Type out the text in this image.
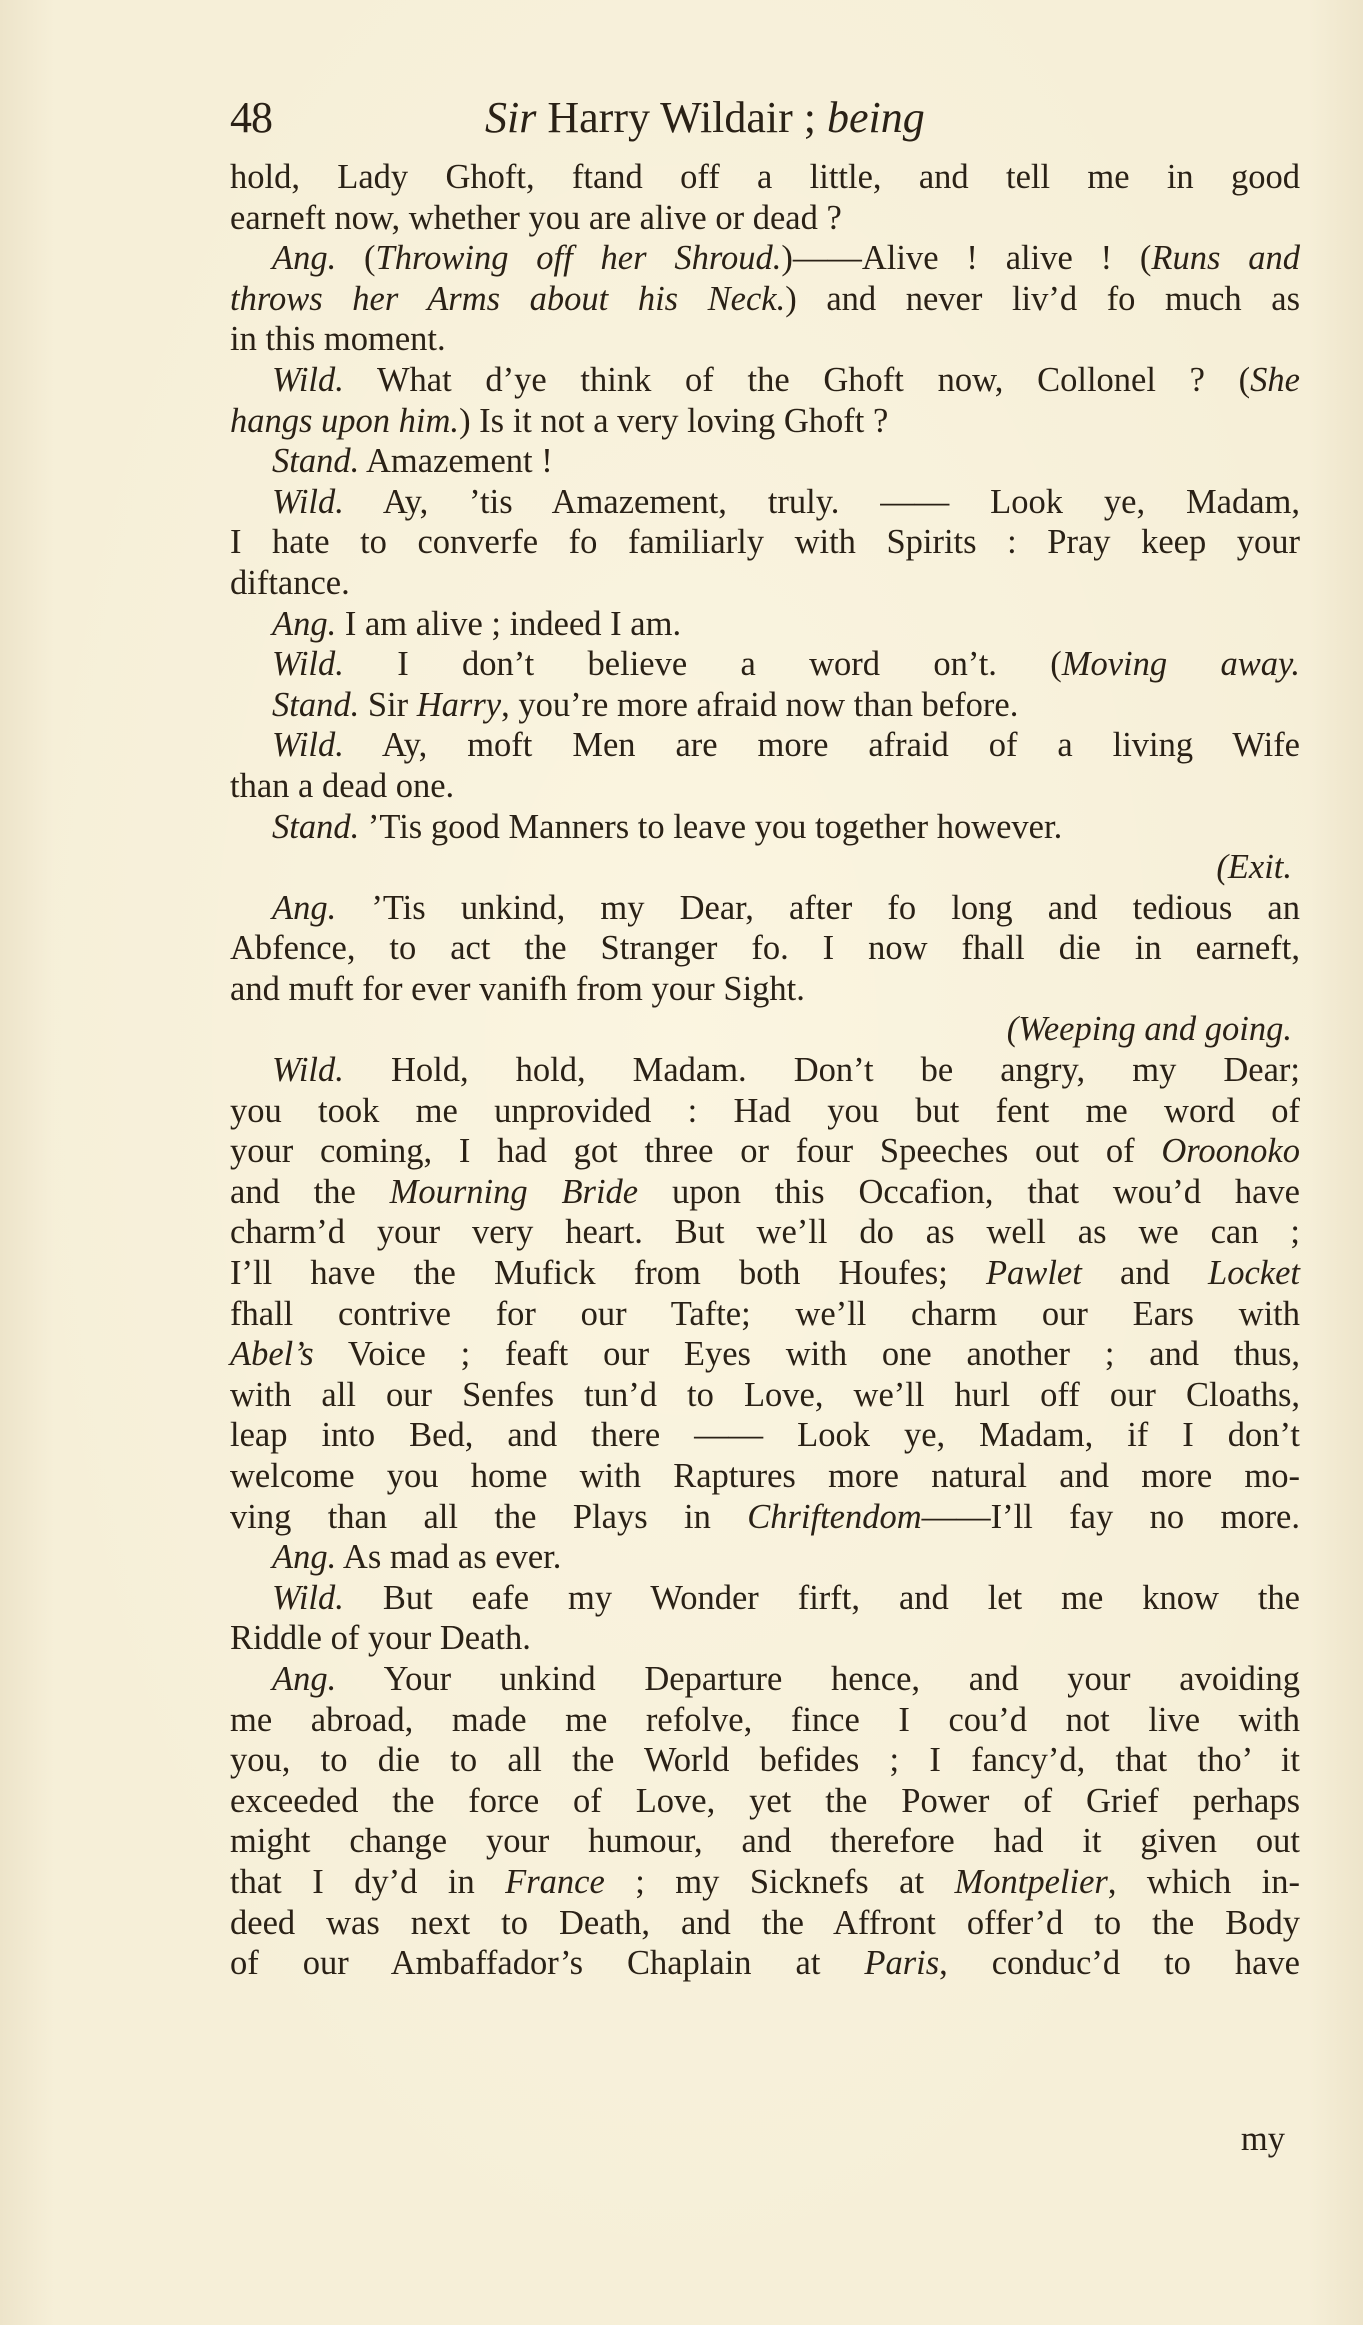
48	Sir Harry Wildair ; being
hold, Lady Ghoft, ftand off a little, and tell me in good
earneft now, whether you are alive or dead ?
Ang. (Throwing off her Shroud.)——Alive ! alive ! (Runs and
throws her Arms about his Neck.) and never liv’d fo much as
in this moment.
Wild. What d’ye think of the Ghoft now, Collonel ? (She
hangs upon him.) Is it not a very loving Ghoft ?
Stand. Amazement !
Wild. Ay, ’tis Amazement, truly. —— Look ye, Madam,
I hate to converfe fo familiarly with Spirits : Pray keep your
diftance.
Ang. I am alive ; indeed I am.
Wild. I don’t believe a word on’t. (Moving away.
Stand. Sir Harry, you’re more afraid now than before.
Wild. Ay, moft Men are more afraid of a living Wife
than a dead one.
Stand. ’Tis good Manners to leave you together however.
(Exit.
Ang. ’Tis unkind, my Dear, after fo long and tedious an
Abfence, to act the Stranger fo. I now fhall die in earneft,
and muft for ever vanifh from your Sight.
(Weeping and going.
Wild. Hold, hold, Madam. Don’t be angry, my Dear;
you took me unprovided : Had you but fent me word of
your coming, I had got three or four Speeches out of Oroonoko
and the Mourning Bride upon this Occafion, that wou’d have
charm’d your very heart. But we’ll do as well as we can ;
I’ll have the Mufick from both Houfes; Pawlet and Locket
fhall contrive for our Tafte; we’ll charm our Ears with
Abel’s Voice ; feaft our Eyes with one another ; and thus,
with all our Senfes tun’d to Love, we’ll hurl off our Cloaths,
leap into Bed, and there —— Look ye, Madam, if I don’t
welcome you home with Raptures more natural and more mo-
ving than all the Plays in Chriftendom——I’ll fay no more.
Ang. As mad as ever.
Wild. But eafe my Wonder firft, and let me know the
Riddle of your Death.
Ang. Your unkind Departure hence, and your avoiding
me abroad, made me refolve, fince I cou’d not live with
you, to die to all the World befides ; I fancy’d, that tho’ it
exceeded the force of Love, yet the Power of Grief perhaps
might change your humour, and therefore had it given out
that I dy’d in France ; my Sicknefs at Montpelier, which in-
deed was next to Death, and the Affront offer’d to the Body
of our Ambaffador’s Chaplain at Paris, conduc’d to have
my
